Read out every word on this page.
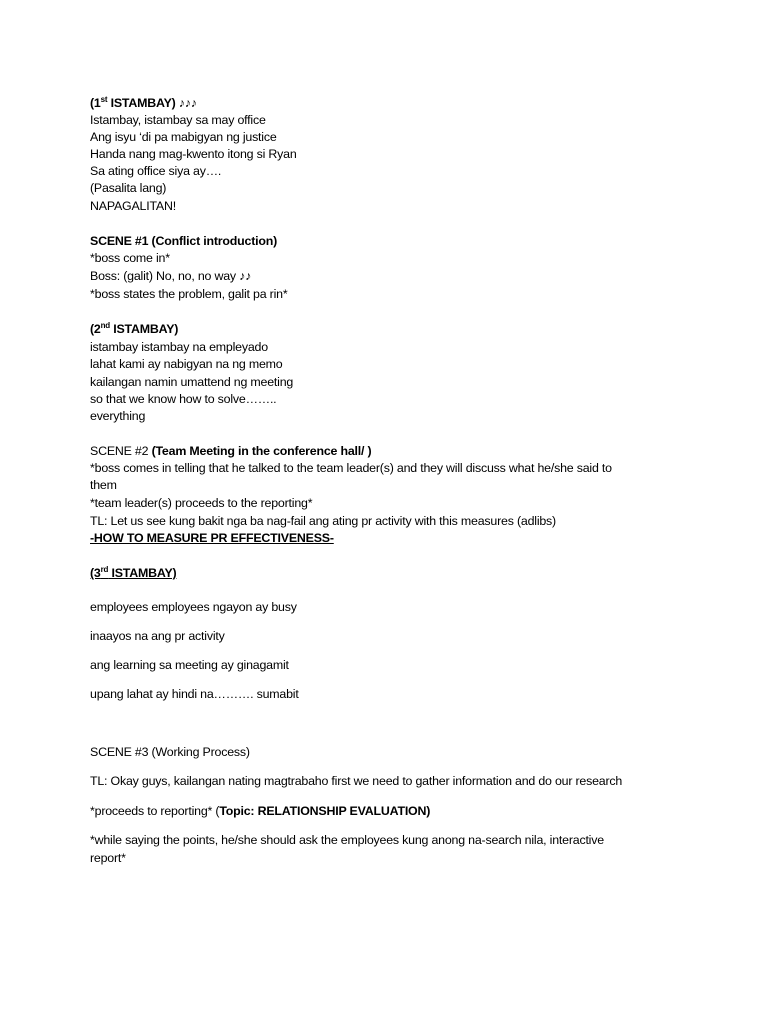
(1st ISTAMBAY) ♪♪♪
Istambay, istambay sa may office
Ang isyu ‘di pa mabigyan ng justice
Handa nang mag-kwento itong si Ryan
Sa ating office siya ay….
(Pasalita lang)
NAPAGALITAN!
SCENE #1 (Conflict introduction)
*boss come in*
Boss: (galit) No, no, no way ♪♪
*boss states the problem, galit pa rin*
(2nd ISTAMBAY)
istambay istambay na empleyado
lahat kami ay nabigyan na ng memo
kailangan namin umattend ng meeting
so that we know how to solve……..
everything
SCENE #2 (Team Meeting in the conference hall/ )
*boss comes in telling that he talked to the team leader(s) and they will discuss what he/she said to
them
*team leader(s) proceeds to the reporting*
TL: Let us see kung bakit nga ba nag-fail ang ating pr activity with this measures (adlibs)
-HOW TO MEASURE PR EFFECTIVENESS-
(3rd ISTAMBAY)
employees employees ngayon ay busy
inaayos na ang pr activity
ang learning sa meeting ay ginagamit
upang lahat ay hindi na………. sumabit
SCENE #3 (Working Process)
TL: Okay guys, kailangan nating magtrabaho first we need to gather information and do our research
*proceeds to reporting* (Topic: RELATIONSHIP EVALUATION)
*while saying the points, he/she should ask the employees kung anong na-search nila, interactive
report*
